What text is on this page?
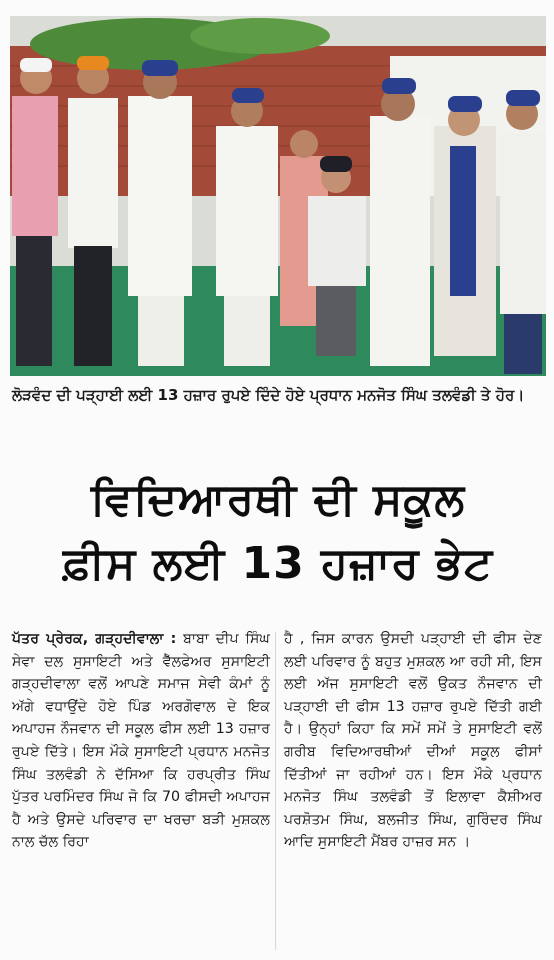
ਲੋੜਵੰਦ ਦੀ ਪੜ੍ਹਾਈ ਲਈ 13 ਹਜ਼ਾਰ ਰੁਪਏ ਦਿੰਦੇ ਹੋਏ ਪ੍ਰਧਾਨ ਮਨਜੋਤ ਸਿੰਘ ਤਲਵੰਡੀ ਤੇ ਹੋਰ।
ਵਿਦਿਆਰਥੀ ਦੀ ਸਕੂਲ
ਫ਼ੀਸ ਲਈ 13 ਹਜ਼ਾਰ ਭੇਟ

ਪੱਤਰ ਪ੍ਰੇਰਕ, ਗੜ੍ਹਦੀਵਾਲਾ : ਬਾਬਾ ਦੀਪ ਸਿੰਘ ਸੇਵਾ ਦਲ ਸੁਸਾਇਟੀ ਅਤੇ ਵੈੱਲਫੇਅਰ ਸੁਸਾਇਟੀ ਗੜ੍ਹਦੀਵਾਲਾ ਵਲੋਂ ਆਪਣੇ ਸਮਾਜ ਸੇਵੀ ਕੰਮਾਂ ਨੂੰ ਅੱਗੇ ਵਧਾਉਂਦੇ ਹੋਏ ਪਿੰਡ ਅਰਗੋਵਾਲ ਦੇ ਇਕ ਅਪਾਹਜ ਨੌਜਵਾਨ ਦੀ ਸਕੂਲ ਫੀਸ ਲਈ 13 ਹਜ਼ਾਰ ਰੁਪਏ ਦਿੱਤੇ। ਇਸ ਮੌਕੇ ਸੁਸਾਇਟੀ ਪ੍ਰਧਾਨ ਮਨਜੋਤ ਸਿੰਘ ਤਲਵੰਡੀ ਨੇ ਦੱਸਿਆ ਕਿ ਹਰਪ੍ਰੀਤ ਸਿੰਘ ਪੁੱਤਰ ਪਰਮਿੰਦਰ ਸਿੰਘ ਜੋ ਕਿ 70 ਫੀਸਦੀ ਅਪਾਹਜ ਹੈ ਅਤੇ ਉਸਦੇ ਪਰਿਵਾਰ ਦਾ ਖਰਚਾ ਬੜੀ ਮੁਸ਼ਕਲ ਨਾਲ ਚੱਲ ਰਿਹਾ

ਹੈ , ਜਿਸ ਕਾਰਨ ਉਸਦੀ ਪੜ੍ਹਾਈ ਦੀ ਫੀਸ ਦੇਣ ਲਈ ਪਰਿਵਾਰ ਨੂੰ ਬਹੁਤ ਮੁਸ਼ਕਲ ਆ ਰਹੀ ਸੀ, ਇਸ ਲਈ ਅੱਜ ਸੁਸਾਇਟੀ ਵਲੋਂ ਉਕਤ ਨੌਜਵਾਨ ਦੀ ਪੜ੍ਹਾਈ ਦੀ ਫੀਸ 13 ਹਜ਼ਾਰ ਰੁਪਏ ਦਿੱਤੀ ਗਈ ਹੈ। ਉਨ੍ਹਾਂ ਕਿਹਾ ਕਿ ਸਮੇਂ ਸਮੇਂ ਤੇ ਸੁਸਾਇਟੀ ਵਲੋਂ ਗਰੀਬ ਵਿਦਿਆਰਥੀਆਂ ਦੀਆਂ ਸਕੂਲ ਫੀਸਾਂ ਦਿੱਤੀਆਂ ਜਾ ਰਹੀਆਂ ਹਨ। ਇਸ ਮੌਕੇ ਪ੍ਰਧਾਨ ਮਨਜੋਤ ਸਿੰਘ ਤਲਵੰਡੀ ਤੋਂ ਇਲਾਵਾ ਕੈਸ਼ੀਅਰ ਪਰਸ਼ੋਤਮ ਸਿੰਘ, ਬਲਜੀਤ ਸਿੰਘ, ਗੁਰਿੰਦਰ ਸਿੰਘ ਆਦਿ ਸੁਸਾਇਟੀ ਮੈਂਬਰ ਹਾਜ਼ਰ ਸਨ ।
